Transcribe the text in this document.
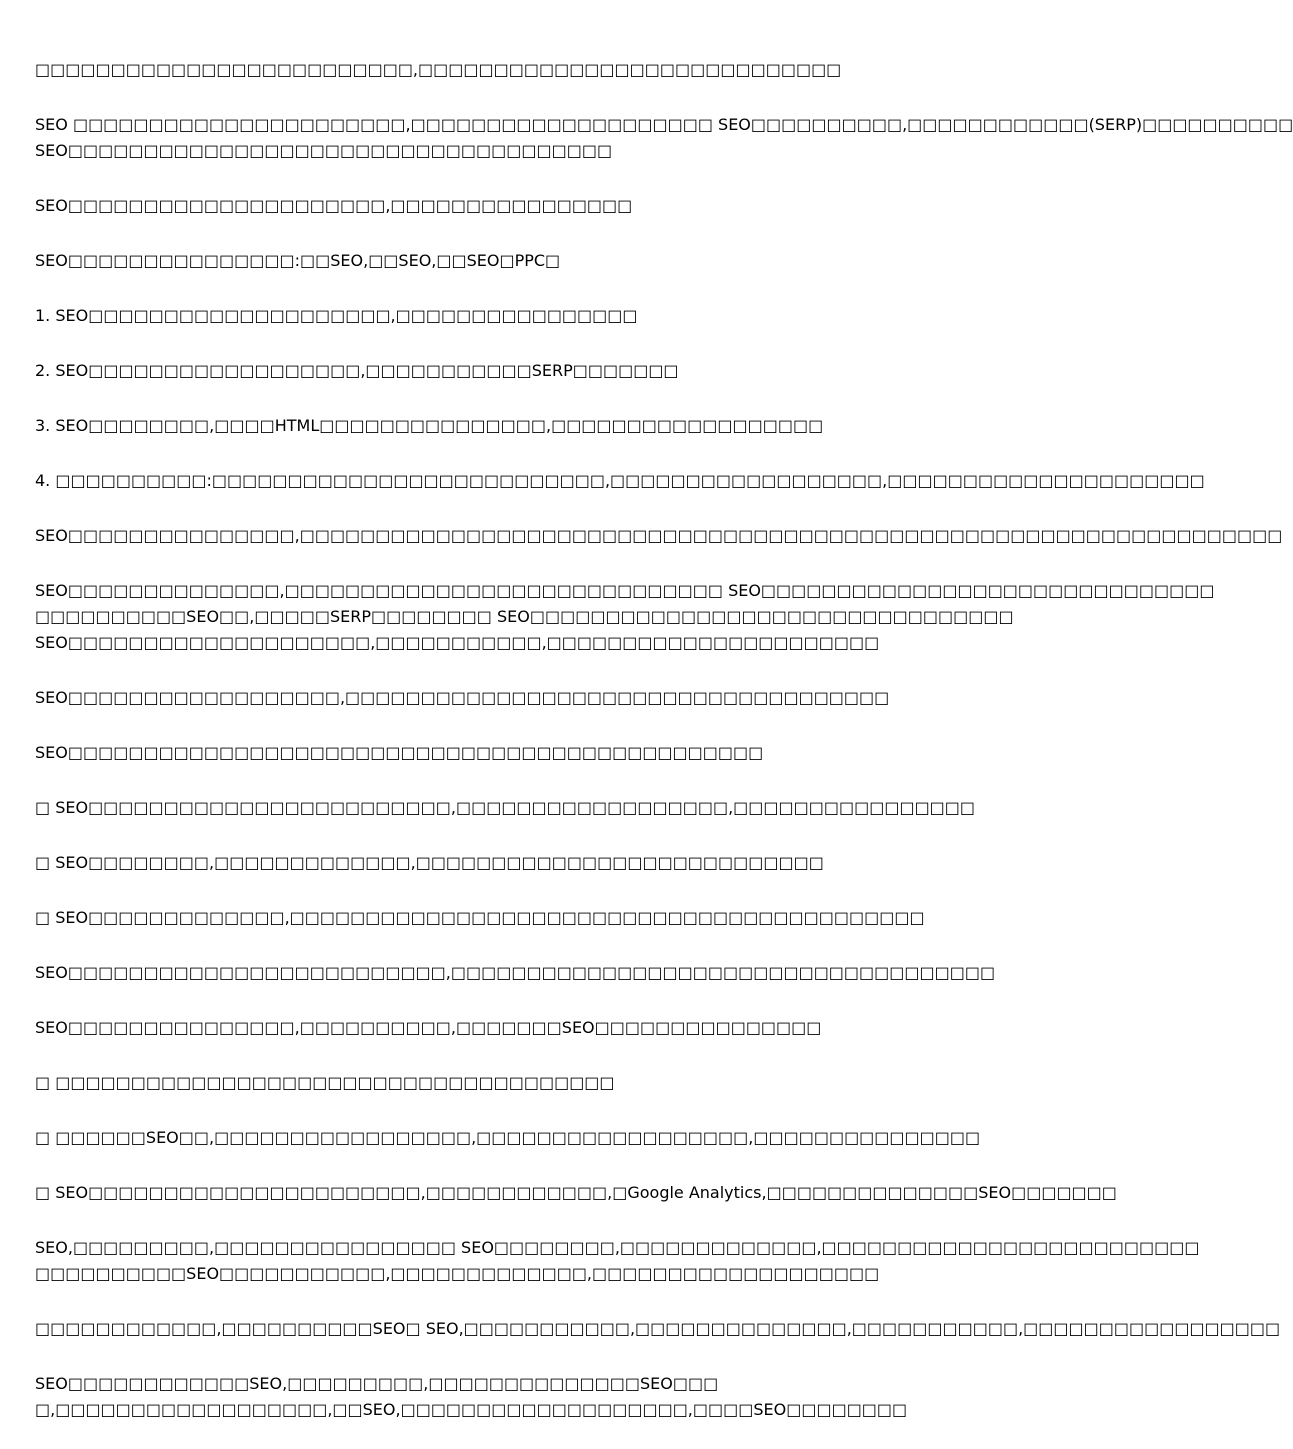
□□□□□□□□□□□□□□□□□□□□□□□□□,□□□□□□□□□□□□□□□□□□□□□□□□□□□□

SEO □□□□□□□□□□□□□□□□□□□□□□,□□□□□□□□□□□□□□□□□□□□ SEO□□□□□□□□□□,□□□□□□□□□□□□(SERP)□□□□□□□□□□
SEO□□□□□□□□□□□□□□□□□□□□□□□□□□□□□□□□□□□□

SEO□□□□□□□□□□□□□□□□□□□□□,□□□□□□□□□□□□□□□□

SEO□□□□□□□□□□□□□□□:□□SEO,□□SEO,□□SEO□PPC□

1. SEO□□□□□□□□□□□□□□□□□□□□,□□□□□□□□□□□□□□□□

2. SEO□□□□□□□□□□□□□□□□□□,□□□□□□□□□□□SERP□□□□□□□

3. SEO□□□□□□□□,□□□□HTML□□□□□□□□□□□□□□□,□□□□□□□□□□□□□□□□□□

4. □□□□□□□□□□:□□□□□□□□□□□□□□□□□□□□□□□□□□,□□□□□□□□□□□□□□□□□□,□□□□□□□□□□□□□□□□□□□□□

SEO□□□□□□□□□□□□□□□,□□□□□□□□□□□□□□□□□□□□□□□□□□□□□□□□□□□□□□□□□□□□□□□□□□□□□□□□□□□□□□□□□

SEO□□□□□□□□□□□□□□,□□□□□□□□□□□□□□□□□□□□□□□□□□□□□ SEO□□□□□□□□□□□□□□□□□□□□□□□□□□□□□□
□□□□□□□□□□SEO□□,□□□□□SERP□□□□□□□□ SEO□□□□□□□□□□□□□□□□□□□□□□□□□□□□□□□□
SEO□□□□□□□□□□□□□□□□□□□□,□□□□□□□□□□□,□□□□□□□□□□□□□□□□□□□□□□

SEO□□□□□□□□□□□□□□□□□□,□□□□□□□□□□□□□□□□□□□□□□□□□□□□□□□□□□□□

SEO□□□□□□□□□□□□□□□□□□□□□□□□□□□□□□□□□□□□□□□□□□□□□□

□ SEO□□□□□□□□□□□□□□□□□□□□□□□□,□□□□□□□□□□□□□□□□□□,□□□□□□□□□□□□□□□□

□ SEO□□□□□□□□,□□□□□□□□□□□□□,□□□□□□□□□□□□□□□□□□□□□□□□□□□

□ SEO□□□□□□□□□□□□□,□□□□□□□□□□□□□□□□□□□□□□□□□□□□□□□□□□□□□□□□□□

SEO□□□□□□□□□□□□□□□□□□□□□□□□□,□□□□□□□□□□□□□□□□□□□□□□□□□□□□□□□□□□□□

SEO□□□□□□□□□□□□□□□,□□□□□□□□□□,□□□□□□□SEO□□□□□□□□□□□□□□□

□ □□□□□□□□□□□□□□□□□□□□□□□□□□□□□□□□□□□□□

□ □□□□□□SEO□□,□□□□□□□□□□□□□□□□□,□□□□□□□□□□□□□□□□□□,□□□□□□□□□□□□□□□

□ SEO□□□□□□□□□□□□□□□□□□□□□□,□□□□□□□□□□□□,□Google Analytics,□□□□□□□□□□□□□□SEO□□□□□□□

SEO,□□□□□□□□□,□□□□□□□□□□□□□□□□ SEO□□□□□□□□,□□□□□□□□□□□□□,□□□□□□□□□□□□□□□□□□□□□□□□□
□□□□□□□□□□SEO□□□□□□□□□□□,□□□□□□□□□□□□□,□□□□□□□□□□□□□□□□□□□

□□□□□□□□□□□□,□□□□□□□□□□SEO□ SEO,□□□□□□□□□□□,□□□□□□□□□□□□□□,□□□□□□□□□□□,□□□□□□□□□□□□□□□□□

SEO□□□□□□□□□□□□SEO,□□□□□□□□□,□□□□□□□□□□□□□□SEO□□□
□,□□□□□□□□□□□□□□□□□□,□□SEO,□□□□□□□□□□□□□□□□□□□,□□□□SEO□□□□□□□□
